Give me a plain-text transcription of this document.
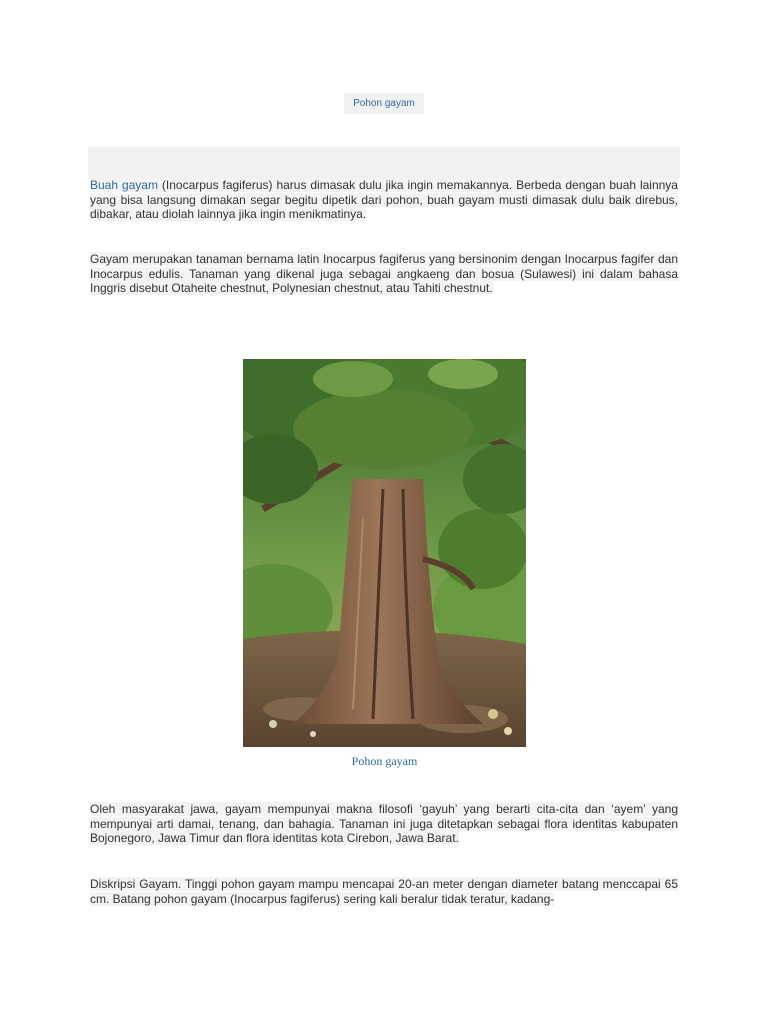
Pohon gayam

Buah gayam (Inocarpus fagiferus) harus dimasak dulu jika ingin memakannya. Berbeda dengan buah lainnya yang bisa langsung dimakan segar begitu dipetik dari pohon, buah gayam musti dimasak dulu baik direbus, dibakar, atau diolah lainnya jika ingin menikmatinya.

Gayam merupakan tanaman bernama latin Inocarpus fagiferus yang bersinonim dengan Inocarpus fagifer dan Inocarpus edulis. Tanaman yang dikenal juga sebagai angkaeng dan bosua (Sulawesi) ini dalam bahasa Inggris disebut Otaheite chestnut, Polynesian chestnut, atau Tahiti chestnut.

Pohon gayam

Oleh masyarakat jawa, gayam mempunyai makna filosofi ‘gayuh’ yang berarti cita-cita dan ‘ayem’ yang mempunyai arti damai, tenang, dan bahagia. Tanaman ini juga ditetapkan sebagai flora identitas kabupaten Bojonegoro, Jawa Timur dan flora identitas kota Cirebon, Jawa Barat.

Diskripsi Gayam. Tinggi pohon gayam mampu mencapai 20-an meter dengan diameter batang menccapai 65 cm. Batang pohon gayam (Inocarpus fagiferus) sering kali beralur tidak teratur, kadang-
